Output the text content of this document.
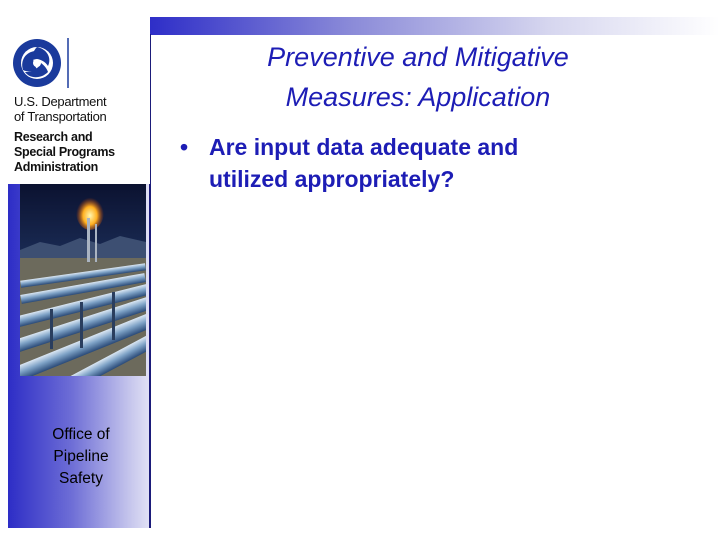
U.S. Department
of Transportation
Research and
Special Programs
Administration
Office of
Pipeline
Safety
Preventive and Mitigative
Measures: Application
• Are input data adequate and
utilized appropriately?
